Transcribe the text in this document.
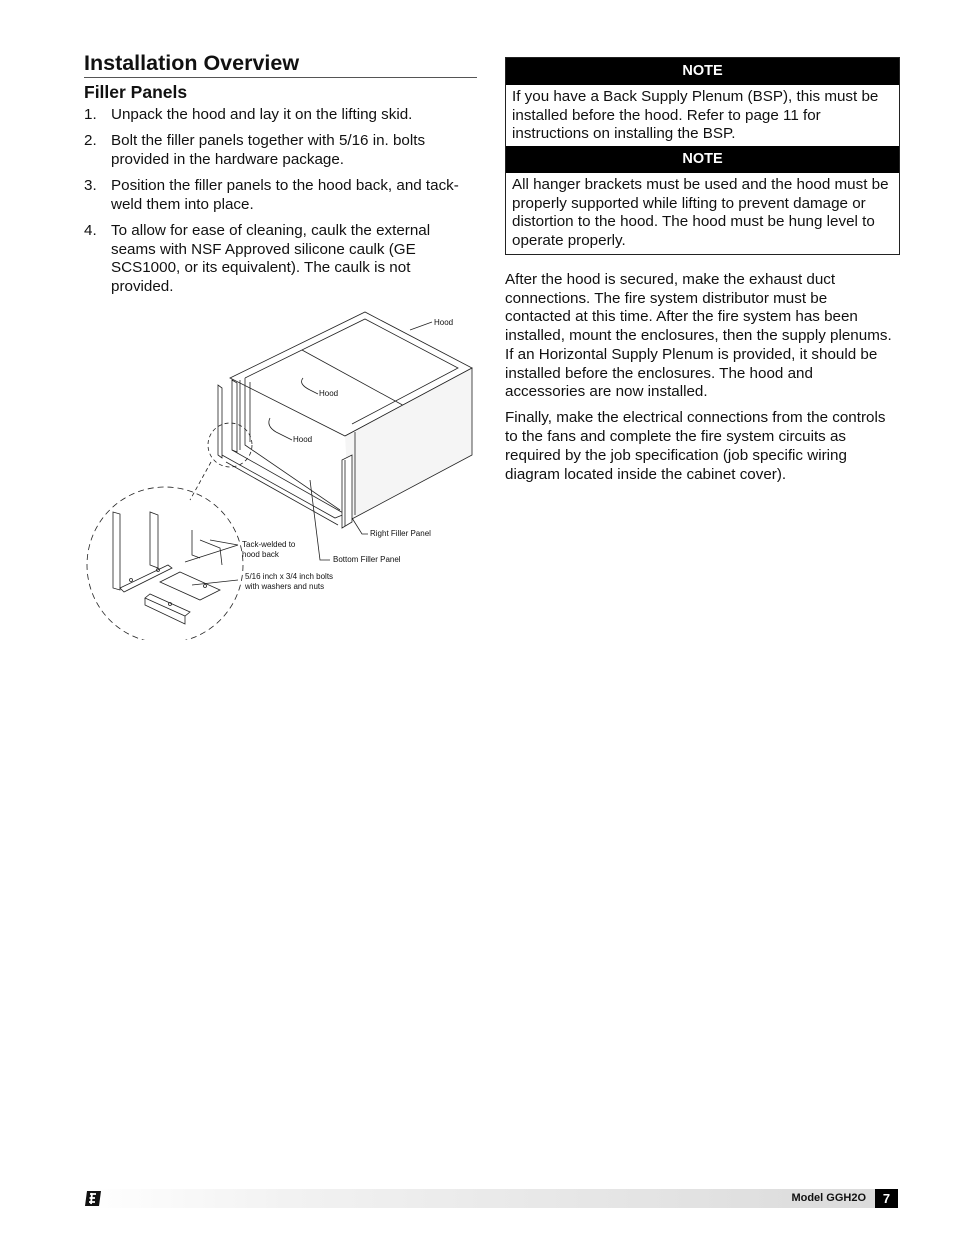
Installation Overview
Filler Panels
1. Unpack the hood and lay it on the lifting skid.
2. Bolt the filler panels together with 5/16 in. bolts provided in the hardware package.
3. Position the filler panels to the hood back, and tack-weld them into place.
4. To allow for ease of cleaning, caulk the external seams with NSF Approved silicone caulk (GE SCS1000, or its equivalent). The caulk is not provided.
Hood
Hood
Hood
Right Filler Panel
Bottom Filler Panel
Tack-welded to
hood back
5/16 inch x 3/4 inch bolts
with washers and nuts
NOTE
If you have a Back Supply Plenum (BSP), this must be installed before the hood. Refer to page 11 for instructions on installing the BSP.
NOTE
All hanger brackets must be used and the hood must be properly supported while lifting to prevent damage or distortion to the hood. The hood must be hung level to operate properly.

After the hood is secured, make the exhaust duct connections. The fire system distributor must be contacted at this time. After the fire system has been installed, mount the enclosures, then the supply plenums. If an Horizontal Supply Plenum is provided, it should be installed before the enclosures. The hood and accessories are now installed.

Finally, make the electrical connections from the controls to the fans and complete the fire system circuits as required by the job specification (job specific wiring diagram located inside the cabinet cover).

Model GGH2O	7
